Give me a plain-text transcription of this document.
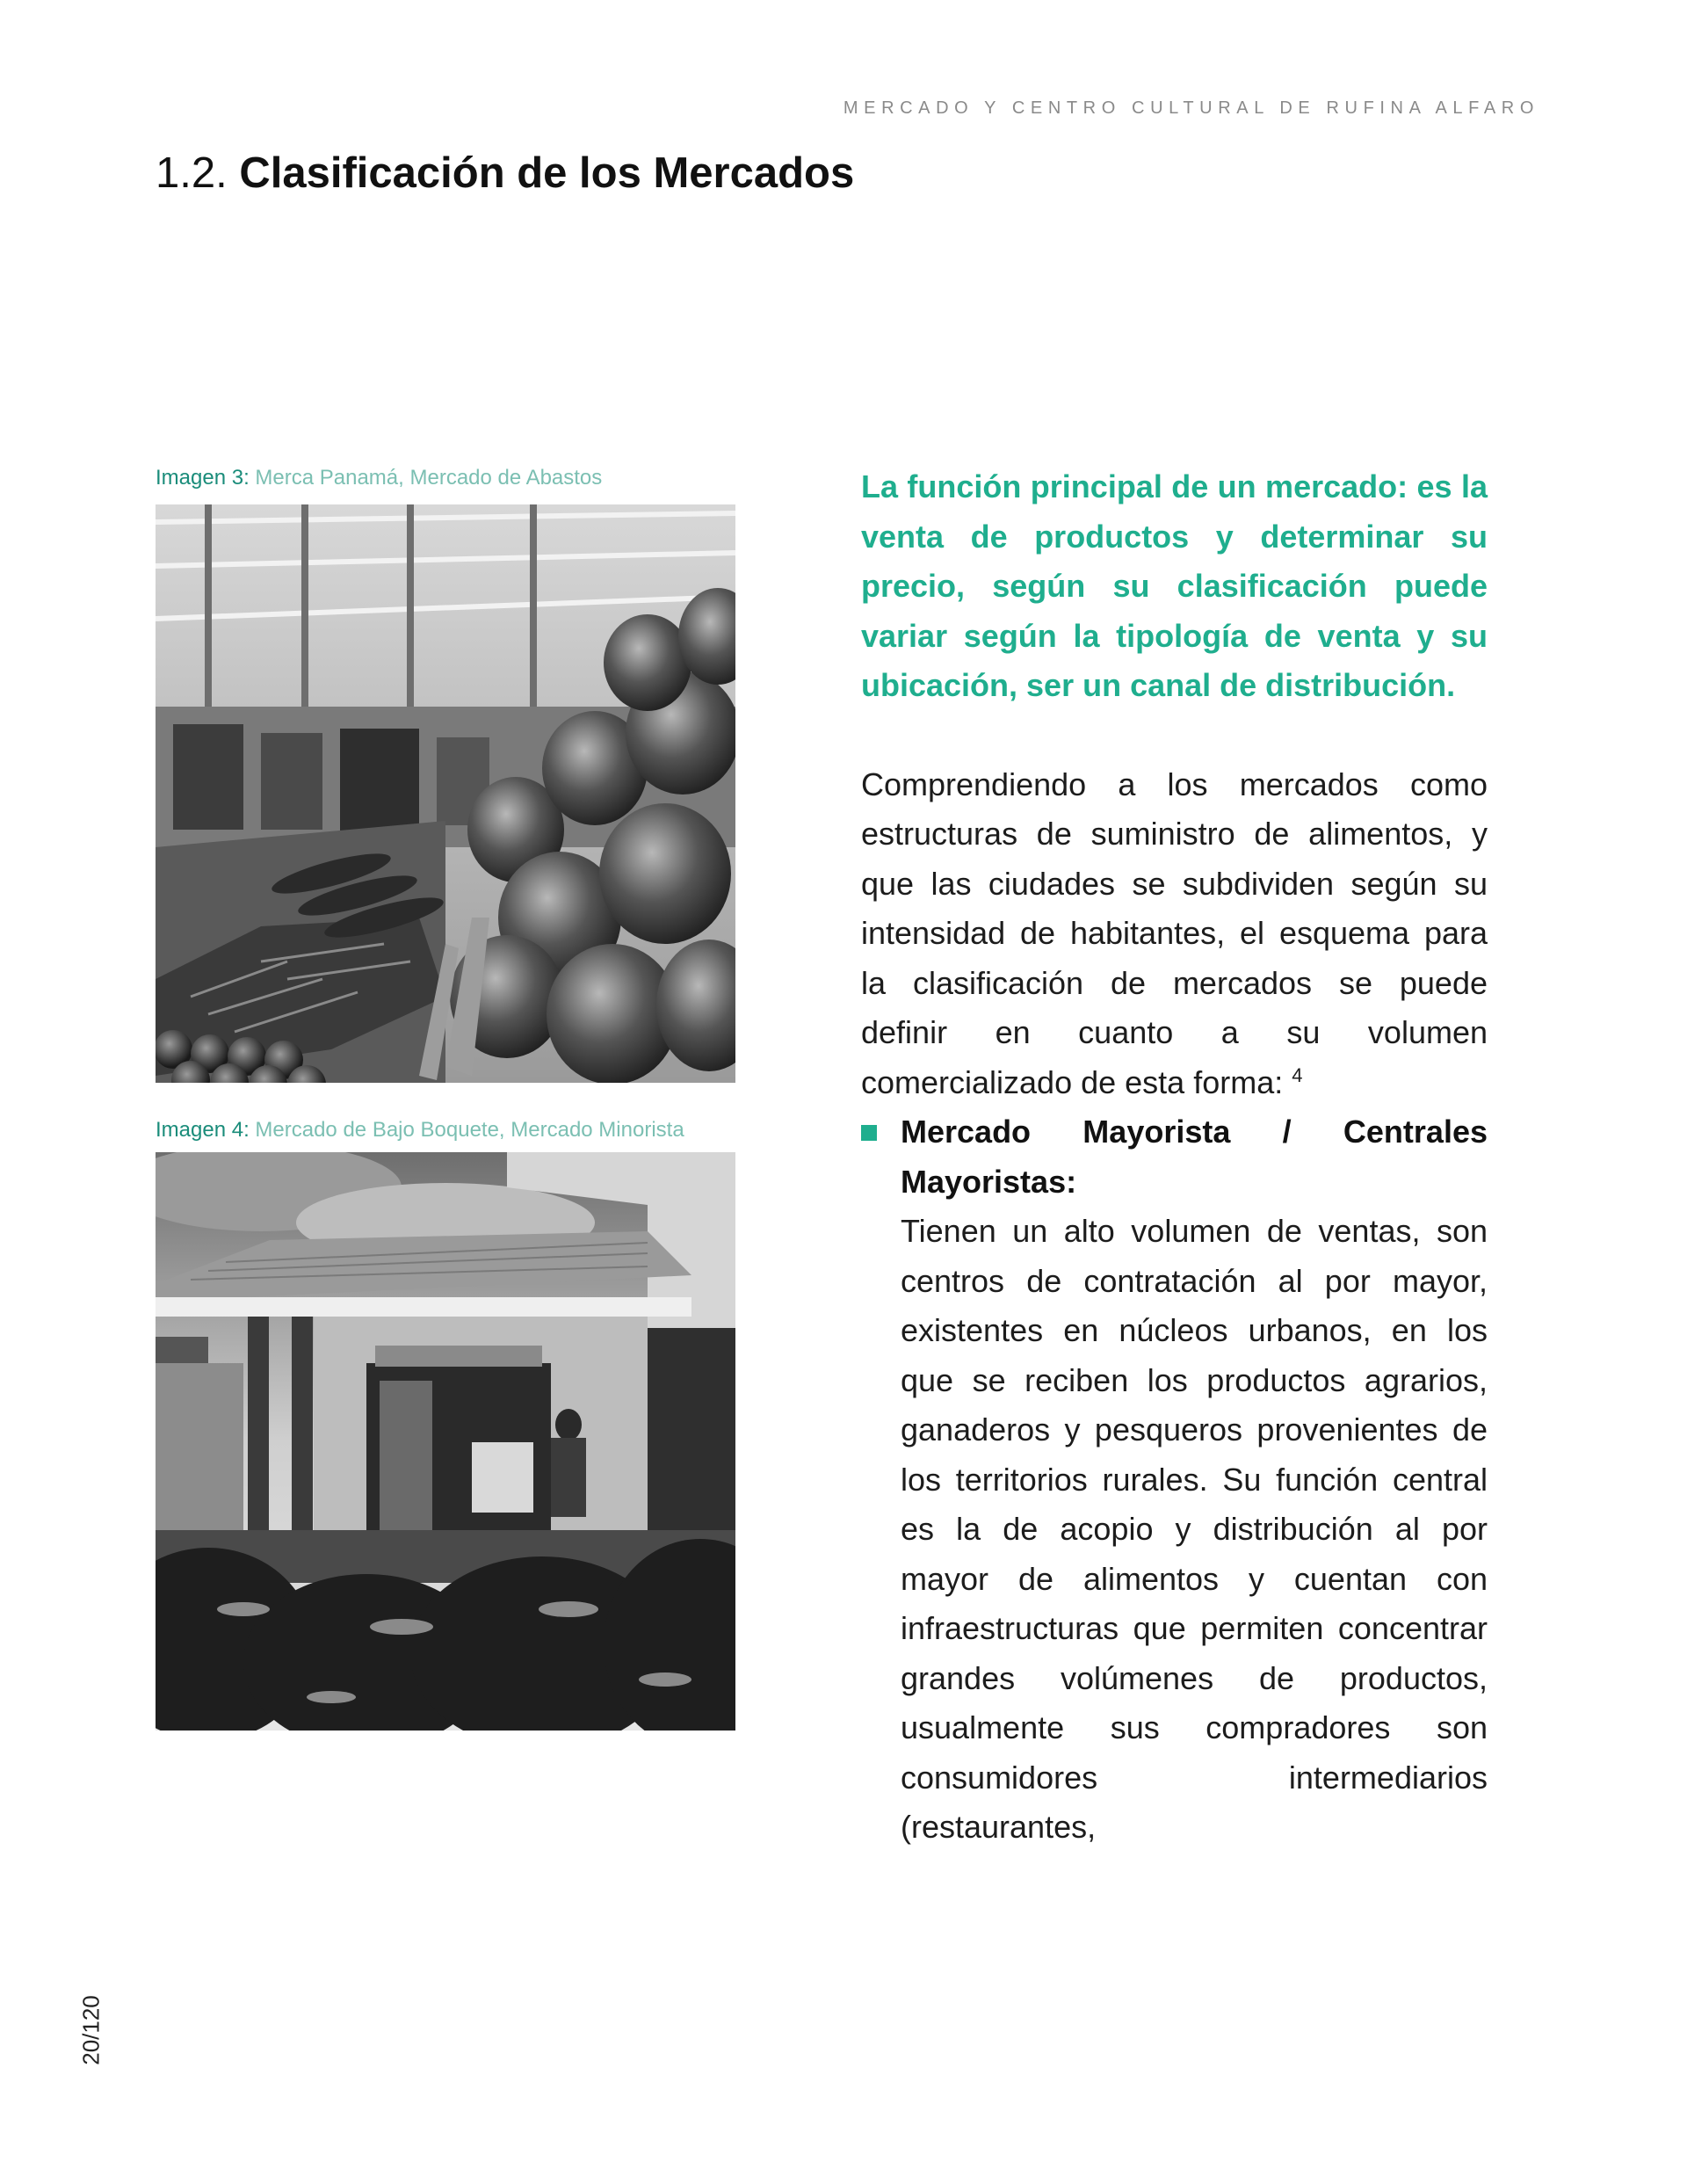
MERCADO Y CENTRO CULTURAL DE RUFINA ALFARO
1.2. Clasificación de los Mercados
Imagen 3: Merca Panamá, Mercado de Abastos
Imagen 4: Mercado de Bajo Boquete, Mercado Minorista

La función principal de un mercado: es la venta de productos y determinar su precio, según su clasificación puede variar según la tipología de venta y su ubicación, ser un canal de distribución.

Comprendiendo a los mercados como estructuras de suministro de alimentos, y que las ciudades se subdividen según su intensidad de habitantes, el esquema para la clasificación de mercados se puede definir en cuanto a su volumen comercializado de esta forma: $^4$

Mercado Mayorista / Centrales Mayoristas:

Tienen un alto volumen de ventas, son centros de contratación al por mayor, existentes en núcleos urbanos, en los que se reciben los productos agrarios, ganaderos y pesqueros provenientes de los territorios rurales. Su función central es la de acopio y distribución al por mayor de alimentos y cuentan con infraestructuras que permiten concentrar grandes volúmenes de productos, usualmente sus compradores son consumidores intermediarios (restaurantes,

20/120
